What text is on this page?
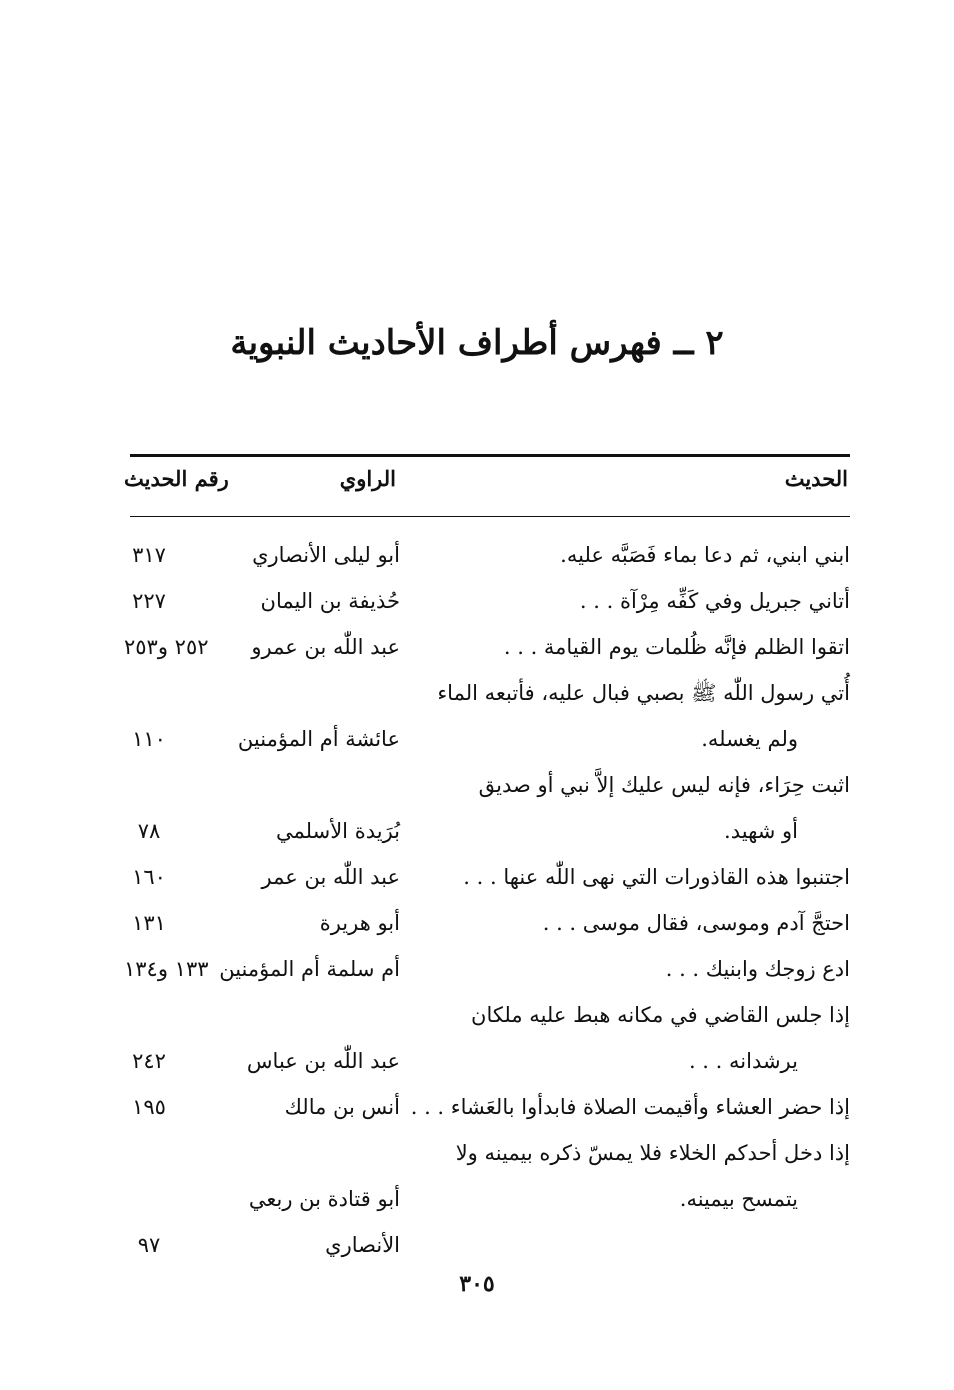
٢ ــ فهرس أطراف الأحاديث النبوية
الحديث
الراوي
رقم الحديث
ابني ابني، ثم دعا بماء فَصَبَّه عليه.
أبو ليلى الأنصاري
٣١٧
أتاني جبريل وفي كَفِّه مِرْآة . . .
حُذيفة بن اليمان
٢٢٧
اتقوا الظلم فإنَّه ظُلمات يوم القيامة . . .
عبد اللّٰه بن عمرو
٢٥٢ و٢٥٣
أُتي رسول اللّٰه ﷺ بصبي فبال عليه، فأتبعه الماء
ولم يغسله.
عائشة أم المؤمنين
١١٠
اثبت حِرَاء، فإنه ليس عليك إلاَّ نبي أو صديق
أو شهيد.
بُرَيدة الأسلمي
٧٨
اجتنبوا هذه القاذورات التي نهى اللّٰه عنها . . .
عبد اللّٰه بن عمر
١٦٠
احتجَّ آدم وموسى، فقال موسى . . .
أبو هريرة
١٣١
ادع زوجك وابنيك . . .
أم سلمة أم المؤمنين
١٣٣ و١٣٤
إذا جلس القاضي في مكانه هبط عليه ملكان
يرشدانه . . .
عبد اللّٰه بن عباس
٢٤٢
إذا حضر العشاء وأقيمت الصلاة فابدأوا بالعَشاء . . .
أنس بن مالك
١٩٥
إذا دخل أحدكم الخلاء فلا يمسّ ذكره بيمينه ولا
يتمسح بيمينه.
أبو قتادة بن ربعي
الأنصاري
٩٧
٣٠٥
